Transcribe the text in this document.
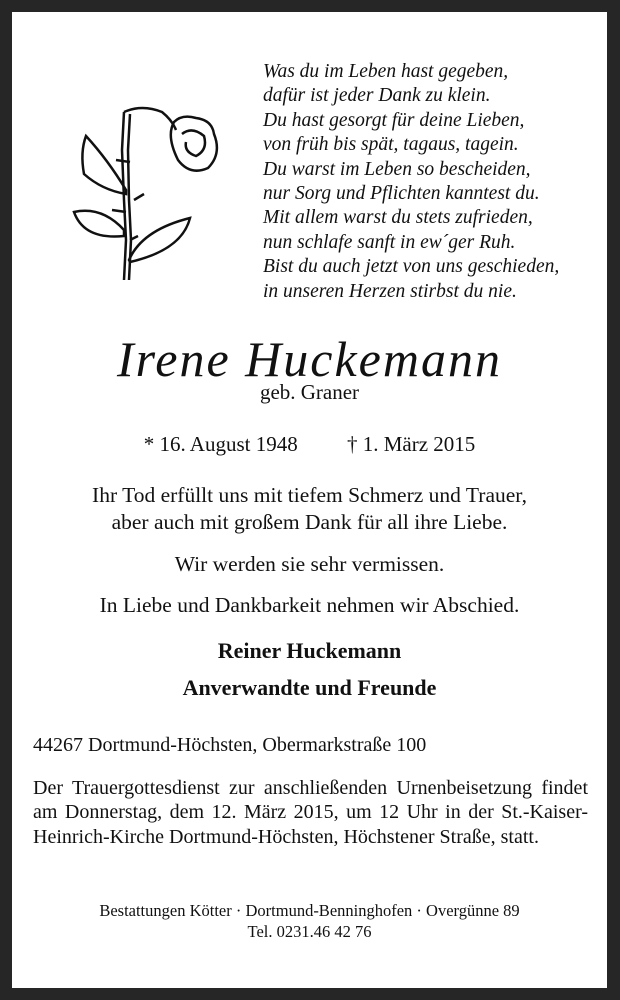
Was du im Leben hast gegeben,
dafür ist jeder Dank zu klein.
Du hast gesorgt für deine Lieben,
von früh bis spät, tagaus, tagein.
Du warst im Leben so bescheiden,
nur Sorg und Pflichten kanntest du.
Mit allem warst du stets zufrieden,
nun schlafe sanft in ew´ger Ruh.
Bist du auch jetzt von uns geschieden,
in unseren Herzen stirbst du nie.
Irene Huckemann
geb. Graner
* 16. August 1948 † 1. März 2015
Ihr Tod erfüllt uns mit tiefem Schmerz und Trauer,
aber auch mit großem Dank für all ihre Liebe.
Wir werden sie sehr vermissen.
In Liebe und Dankbarkeit nehmen wir Abschied.
Reiner Huckemann
Anverwandte und Freunde
44267 Dortmund-Höchsten, Obermarkstraße 100
Der Trauergottesdienst zur anschließenden Urnenbeisetzung findet am Donnerstag, dem 12. März 2015, um 12 Uhr in der St.-Kaiser-Heinrich-Kirche Dortmund-Höchsten, Höchstener Straße, statt.
Bestattungen Kötter · Dortmund-Benninghofen · Overgünne 89
Tel. 0231.46 42 76
